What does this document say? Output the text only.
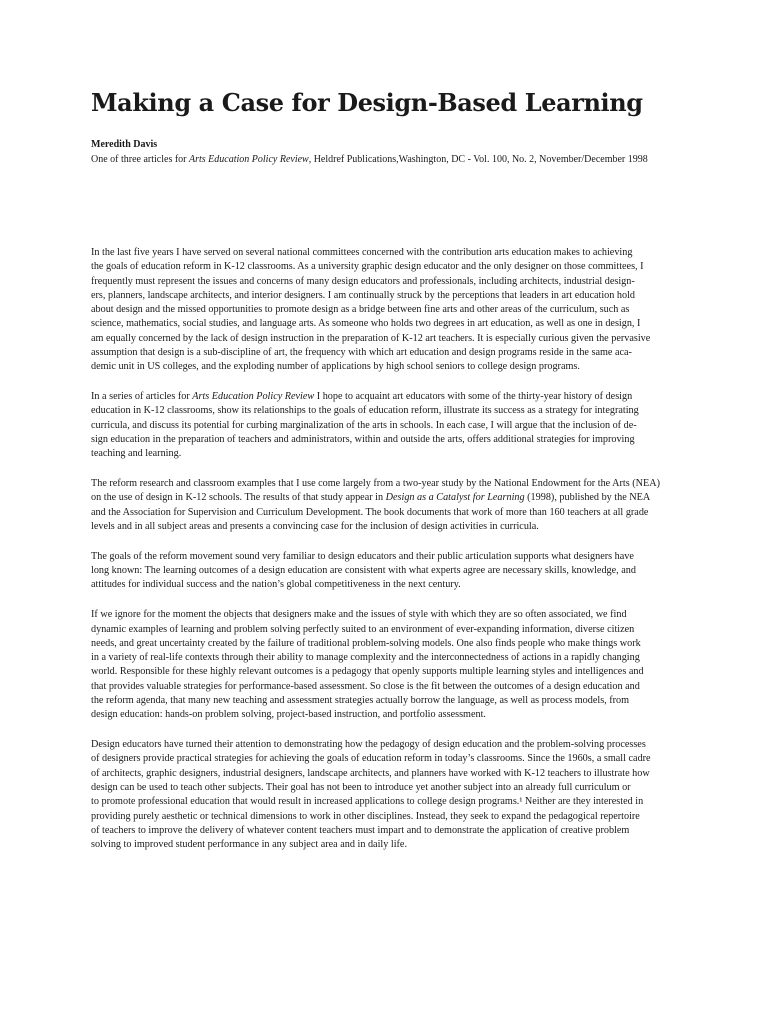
Making a Case for Design-Based Learning
Meredith Davis
One of three articles for Arts Education Policy Review, Heldref Publications,Washington, DC - Vol. 100, No. 2, November/December 1998

In the last five years I have served on several national committees concerned with the contribution arts education makes to achieving
the goals of education reform in K-12 classrooms. As a university graphic design educator and the only designer on those committees, I
frequently must represent the issues and concerns of many design educators and professionals, including architects, industrial design-
ers, planners, landscape architects, and interior designers. I am continually struck by the perceptions that leaders in art education hold
about design and the missed opportunities to promote design as a bridge between fine arts and other areas of the curriculum, such as
science, mathematics, social studies, and language arts. As someone who holds two degrees in art education, as well as one in design, I
am equally concerned by the lack of design instruction in the preparation of K-12 art teachers. It is especially curious given the pervasive
assumption that design is a sub-discipline of art, the frequency with which art education and design programs reside in the same aca-
demic unit in US colleges, and the exploding number of applications by high school seniors to college design programs.

In a series of articles for Arts Education Policy Review I hope to acquaint art educators with some of the thirty-year history of design
education in K-12 classrooms, show its relationships to the goals of education reform, illustrate its success as a strategy for integrating
curricula, and discuss its potential for curbing marginalization of the arts in schools. In each case, I will argue that the inclusion of de-
sign education in the preparation of teachers and administrators, within and outside the arts, offers additional strategies for improving
teaching and learning.

The reform research and classroom examples that I use come largely from a two-year study by the National Endowment for the Arts (NEA)
on the use of design in K-12 schools. The results of that study appear in Design as a Catalyst for Learning (1998), published by the NEA
and the Association for Supervision and Curriculum Development. The book documents that work of more than 160 teachers at all grade
levels and in all subject areas and presents a convincing case for the inclusion of design activities in curricula.

The goals of the reform movement sound very familiar to design educators and their public articulation supports what designers have
long known: The learning outcomes of a design education are consistent with what experts agree are necessary skills, knowledge, and
attitudes for individual success and the nation’s global competitiveness in the next century.

If we ignore for the moment the objects that designers make and the issues of style with which they are so often associated, we find
dynamic examples of learning and problem solving perfectly suited to an environment of ever-expanding information, diverse citizen
needs, and great uncertainty created by the failure of traditional problem-solving models. One also finds people who make things work
in a variety of real-life contexts through their ability to manage complexity and the interconnectedness of actions in a rapidly changing
world. Responsible for these highly relevant outcomes is a pedagogy that openly supports multiple learning styles and intelligences and
that provides valuable strategies for performance-based assessment. So close is the fit between the outcomes of a design education and
the reform agenda, that many new teaching and assessment strategies actually borrow the language, as well as process models, from
design education: hands-on problem solving, project-based instruction, and portfolio assessment.

Design educators have turned their attention to demonstrating how the pedagogy of design education and the problem-solving processes
of designers provide practical strategies for achieving the goals of education reform in today’s classrooms. Since the 1960s, a small cadre
of architects, graphic designers, industrial designers, landscape architects, and planners have worked with K-12 teachers to illustrate how
design can be used to teach other subjects. Their goal has not been to introduce yet another subject into an already full curriculum or
to promote professional education that would result in increased applications to college design programs.¹ Neither are they interested in
providing purely aesthetic or technical dimensions to work in other disciplines. Instead, they seek to expand the pedagogical repertoire
of teachers to improve the delivery of whatever content teachers must impart and to demonstrate the application of creative problem
solving to improved student performance in any subject area and in daily life.
